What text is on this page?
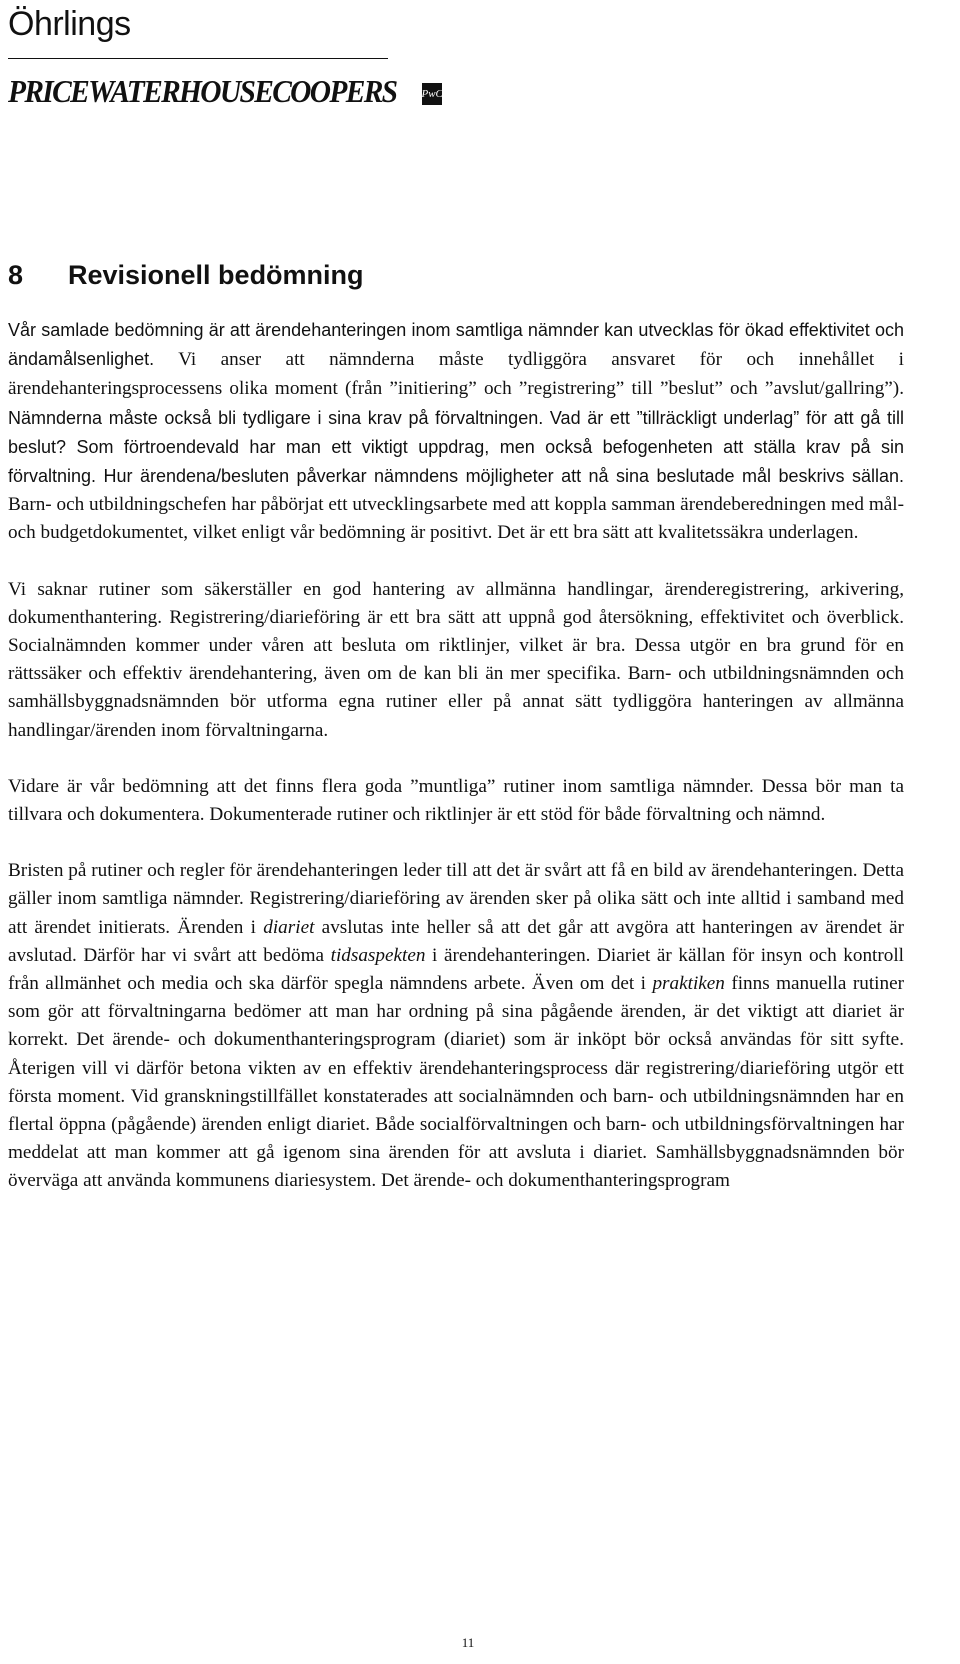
Öhrlings
PRICEWATERHOUSECOOPERS PwC
8	Revisionell bedömning

Vår samlade bedömning är att ärendehanteringen inom samtliga nämnder kan utvecklas för ökad effektivitet och ändamålsenlighet. Vi anser att nämnderna måste tydliggöra ansvaret för och innehållet i ärendehanteringsprocessens olika moment (från ”initiering” och ”registrering” till ”beslut” och ”avslut/gallring”). Nämnderna måste också bli tydligare i sina krav på förvaltningen. Vad är ett ”tillräckligt underlag” för att gå till beslut? Som förtroendevald har man ett viktigt uppdrag, men också befogenheten att ställa krav på sin förvaltning. Hur ärendena/besluten påverkar nämndens möjligheter att nå sina beslutade mål beskrivs sällan. Barn- och utbildningschefen har påbörjat ett utvecklingsarbete med att koppla samman ärendeberedningen med mål- och budgetdokumentet, vilket enligt vår bedömning är positivt. Det är ett bra sätt att kvalitetssäkra underlagen.

Vi saknar rutiner som säkerställer en god hantering av allmänna handlingar, ärenderegistrering, arkivering, dokumenthantering. Registrering/diarieföring är ett bra sätt att uppnå god återsökning, effektivitet och överblick. Socialnämnden kommer under våren att besluta om riktlinjer, vilket är bra. Dessa utgör en bra grund för en rättssäker och effektiv ärendehantering, även om de kan bli än mer specifika. Barn- och utbildningsnämnden och samhällsbyggnadsnämnden bör utforma egna rutiner eller på annat sätt tydliggöra hanteringen av allmänna handlingar/ärenden inom förvaltningarna.

Vidare är vår bedömning att det finns flera goda ”muntliga” rutiner inom samtliga nämnder. Dessa bör man ta tillvara och dokumentera. Dokumenterade rutiner och riktlinjer är ett stöd för både förvaltning och nämnd.

Bristen på rutiner och regler för ärendehanteringen leder till att det är svårt att få en bild av ärendehanteringen. Detta gäller inom samtliga nämnder. Registrering/diarieföring av ärenden sker på olika sätt och inte alltid i samband med att ärendet initierats. Ärenden i diariet avslutas inte heller så att det går att avgöra att hanteringen av ärendet är avslutad. Därför har vi svårt att bedöma tidsaspekten i ärendehanteringen. Diariet är källan för insyn och kontroll från allmänhet och media och ska därför spegla nämndens arbete. Även om det i praktiken finns manuella rutiner som gör att förvaltningarna bedömer att man har ordning på sina pågående ärenden, är det viktigt att diariet är korrekt. Det ärende- och dokumenthanteringsprogram (diariet) som är inköpt bör också användas för sitt syfte. Återigen vill vi därför betona vikten av en effektiv ärendehanteringsprocess där registrering/diarieföring utgör ett första moment. Vid granskningstillfället konstaterades att socialnämnden och barn- och utbildningsnämnden har en flertal öppna (pågående) ärenden enligt diariet. Både socialförvaltningen och barn- och utbildningsförvaltningen har meddelat att man kommer att gå igenom sina ärenden för att avsluta i diariet. Samhällsbyggnadsnämnden bör överväga att använda kommunens diariesystem. Det ärende- och dokumenthanteringsprogram

11
